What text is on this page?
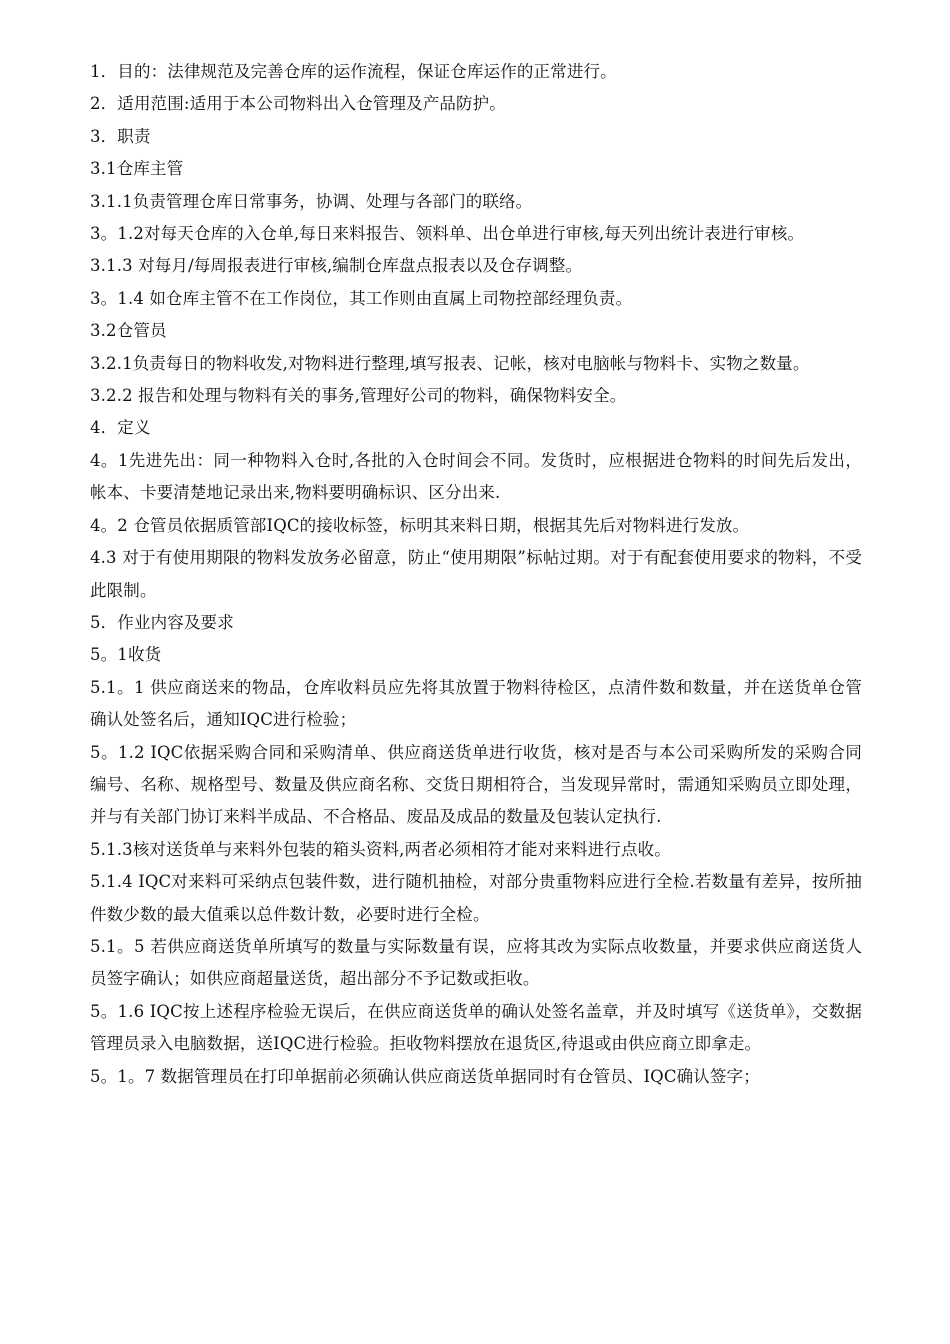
1．目的：法律规范及完善仓库的运作流程，保证仓库运作的正常进行。

2．适用范围:适用于本公司物料出入仓管理及产品防护。

3．职责

3.1仓库主管

3.1.1负责管理仓库日常事务，协调、处理与各部门的联络。

3。1.2对每天仓库的入仓单,每日来料报告、领料单、出仓单进行审核,每天列出统计表进行审核。

3.1.3 对每月/每周报表进行审核,编制仓库盘点报表以及仓存调整。

3。1.4 如仓库主管不在工作岗位，其工作则由直属上司物控部经理负责。

3.2仓管员

3.2.1负责每日的物料收发,对物料进行整理,填写报表、记帐，核对电脑帐与物料卡、实物之数量。

3.2.2 报告和处理与物料有关的事务,管理好公司的物料，确保物料安全。

4．定义

4。1先进先出：同一种物料入仓时,各批的入仓时间会不同。发货时，应根据进仓物料的时间先后发出，帐本、卡要清楚地记录出来,物料要明确标识、区分出来.

4。2 仓管员依据质管部IQC的接收标签，标明其来料日期，根据其先后对物料进行发放。

4.3 对于有使用期限的物料发放务必留意，防止“使用期限”标帖过期。对于有配套使用要求的物料，不受此限制。

5．作业内容及要求

5。1收货

5.1。1 供应商送来的物品，仓库收料员应先将其放置于物料待检区，点清件数和数量，并在送货单仓管确认处签名后，通知IQC进行检验；

5。1.2 IQC依据采购合同和采购清单、供应商送货单进行收货，核对是否与本公司采购所发的采购合同编号、名称、规格型号、数量及供应商名称、交货日期相符合，当发现异常时，需通知采购员立即处理，并与有关部门协订来料半成品、不合格品、废品及成品的数量及包装认定执行.

5.1.3核对送货单与来料外包装的箱头资料,两者必须相符才能对来料进行点收。

5.1.4 IQC对来料可采纳点包装件数，进行随机抽检，对部分贵重物料应进行全检.若数量有差异，按所抽件数少数的最大值乘以总件数计数，必要时进行全检。

5.1。5 若供应商送货单所填写的数量与实际数量有误，应将其改为实际点收数量，并要求供应商送货人员签字确认；如供应商超量送货，超出部分不予记数或拒收。

5。1.6 IQC按上述程序检验无误后，在供应商送货单的确认处签名盖章，并及时填写《送货单》，交数据管理员录入电脑数据，送IQC进行检验。拒收物料摆放在退货区,待退或由供应商立即拿走。

5。1。7 数据管理员在打印单据前必须确认供应商送货单据同时有仓管员、IQC确认签字；
